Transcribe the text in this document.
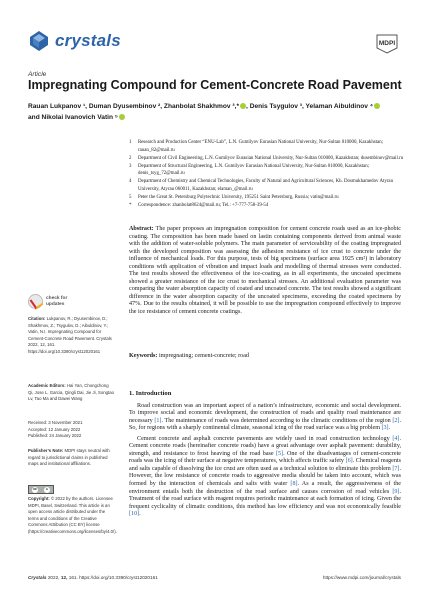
crystals	MDPI
Article
Impregnating Compound for Cement-Concrete Road Pavement
Rauan Lukpanov ¹, Duman Dyusembinov ², Zhanbolat Shakhmov ³,* , Denis Tsygulov ³, Yelaman Aibuldinov ⁴
and Nikolai Ivanovich Vatin ⁵
1	Research and Production Center “ENU-Lab”, L.N. Gumilyov Eurasian National University, Nur-Sultan 010000, Kazakhstan; rauan_82@mail.ru
2	Department of Civil Engineering, L.N. Gumilyov Eurasian National University, Nur-Sultan 010000, Kazakhstan; dusembinov@mail.ru
3	Department of Structural Engineering, L.N. Gumilyov Eurasian National University, Nur-Sultan 010000, Kazakhstan; denis_tsyg_72@mail.ru
4	Department of Chemistry and Chemical Technologies, Faculty of Natural and Agricultural Sciences, Kh. Dosmukhamedov Atyrau University, Atyrau 060011, Kazakhstan; elaman_@mail.ru
5	Peter the Great St. Petersburg Polytechnic University, 195251 Saint Petersburg, Russia; vatin@mail.ru
*	Correspondence: zhanbolat8624@mail.ru; Tel.: +7-777-758-39-54
Abstract: The paper proposes an impregnation composition for cement concrete roads used as an ice-phobic coating. The composition has been made based on lastin containing components derived from animal waste with the addition of water-soluble polymers. The main parameter of serviceability of the coating impregnated with the developed composition was assessing the adhesion resistance of ice crust to concrete under the influence of mechanical loads. For this purpose, tests of big specimens (surface area 1925 cm²) in laboratory conditions with application of vibration and impact loads and modelling of thermal stresses were conducted. The test results showed the effectiveness of the ice-coating, as in all experiments, the uncoated specimens showed a greater resistance of the ice crust to mechanical stresses. An additional evaluation parameter was comparing the water absorption capacity of coated and uncoated concrete. The test results showed a significant difference in the water absorption capacity of the uncoated specimens, exceeding the coated specimens by 47%. Due to the results obtained, it will be possible to use the impregnation compound effectively to improve the ice resistance of cement concrete coatings.
Keywords: impregnating; cement-concrete; road
1. Introduction

Road construction was an important aspect of a nation’s infrastructure, economic and social development. To improve social and economic development, the construction of roads and quality road maintenance are necessary [1]. The maintenance of roads was determined according to the climatic conditions of the region [2]. So, for regions with a sharply continental climate, seasonal icing of the road surface was a big problem [3].

Cement concrete and asphalt concrete pavements are widely used in road construction technology [4]. Cement concrete roads (hereinafter concrete roads) have a great advantage over asphalt pavement: durability, strength, and resistance to frost heaving of the road base [5]. One of the disadvantages of cement-concrete roads was the icing of their surface at negative temperatures, which affects traffic safety [6]. Chemical reagents and salts capable of dissolving the ice crust are often used as a technical solution to eliminate this problem [7]. However, the low resistance of concrete roads to aggressive media should be taken into account, which was formed by the interaction of chemicals and salts with water [8]. As a result, the aggressiveness of the environment entails both the destruction of the road surface and causes corrosion of road vehicles [9]. Treatment of the road surface with reagent requires periodic maintenance at each formation of icing. Given the frequent cyclicality of climatic conditions, this method has low efficiency and was not economically feasible [10].

check for
updates
Citation: Lukpanov, R.; Dyusembinov, D.; Shakhmov, Z.; Tsygulov, D.; Aibuldinov, Y.; Vatin, N.I. Impregnating Compound for Cement-Concrete Road Pavement. Crystals 2022, 12, 161. https://doi.org/10.3390/cryst12020161
Academic Editors: Hai Yan, Chongchong Qi, Jose L. Garcia, Qingli Dai, Jie Ji, Songtao Lv, Tao Ma and Dawei Wang
Received: 3 November 2021
Accepted: 12 January 2022
Published: 24 January 2022
Publisher’s Note: MDPI stays neutral with regard to jurisdictional claims in published maps and institutional affiliations.
cc	●
Copyright: © 2022 by the authors. Licensee MDPI, Basel, Switzerland. This article is an open access article distributed under the terms and conditions of the Creative Commons Attribution (CC BY) license (https://creativecommons.org/licenses/by/4.0/).
Crystals 2022, 12, 161. https://doi.org/10.3390/cryst12020161	https://www.mdpi.com/journal/crystals
